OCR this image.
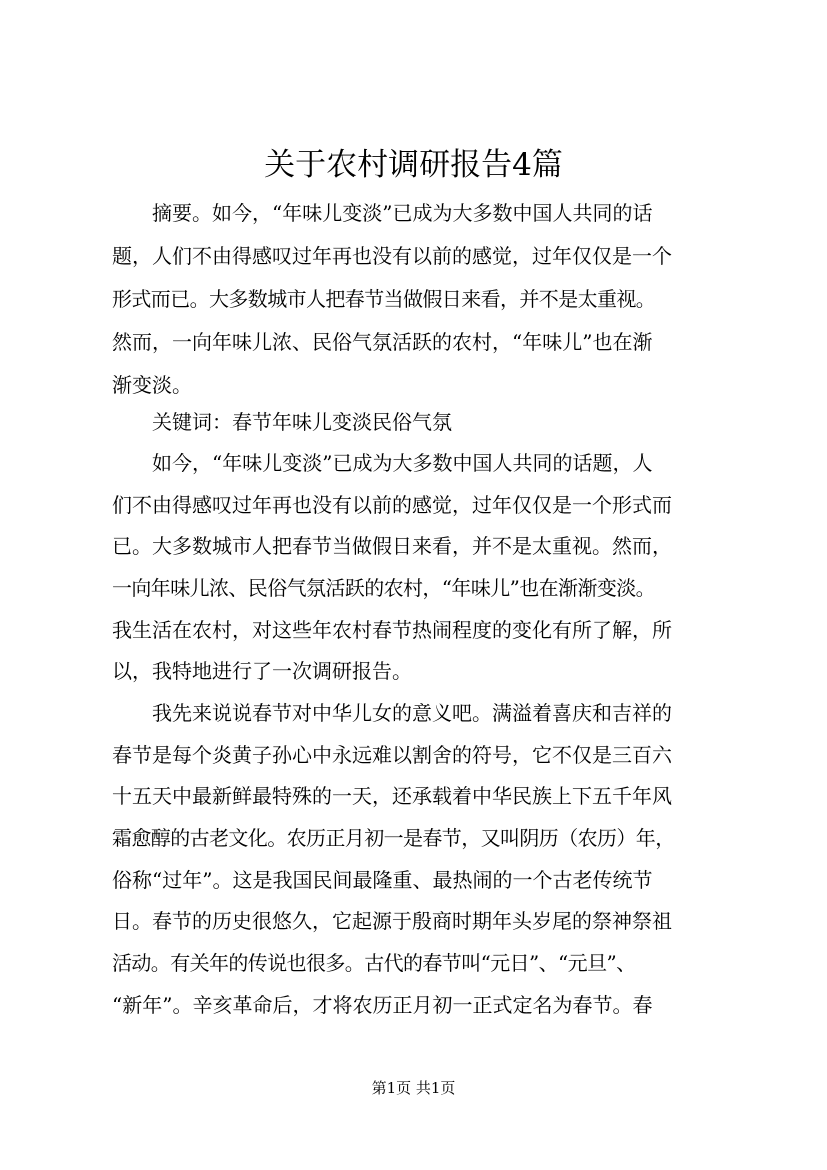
关于农村调研报告4篇
摘要。如今，“年味儿变淡”已成为大多数中国人共同的话
题，人们不由得感叹过年再也没有以前的感觉，过年仅仅是一个
形式而已。大多数城市人把春节当做假日来看，并不是太重视。
然而，一向年味儿浓、民俗气氛活跃的农村，“年味儿”也在渐
渐变淡。
关键词：春节年味儿变淡民俗气氛
如今，“年味儿变淡”已成为大多数中国人共同的话题，人
们不由得感叹过年再也没有以前的感觉，过年仅仅是一个形式而
已。大多数城市人把春节当做假日来看，并不是太重视。然而，
一向年味儿浓、民俗气氛活跃的农村，“年味儿”也在渐渐变淡。
我生活在农村，对这些年农村春节热闹程度的变化有所了解，所
以，我特地进行了一次调研报告。
我先来说说春节对中华儿女的意义吧。满溢着喜庆和吉祥的
春节是每个炎黄子孙心中永远难以割舍的符号，它不仅是三百六
十五天中最新鲜最特殊的一天，还承载着中华民族上下五千年风
霜愈醇的古老文化。农历正月初一是春节，又叫阴历（农历）年，
俗称“过年”。这是我国民间最隆重、最热闹的一个古老传统节
日。春节的历史很悠久，它起源于殷商时期年头岁尾的祭神祭祖
活动。有关年的传说也很多。古代的春节叫“元日”、“元旦”、
“新年”。辛亥革命后，才将农历正月初一正式定名为春节。春
第1页 共1页
